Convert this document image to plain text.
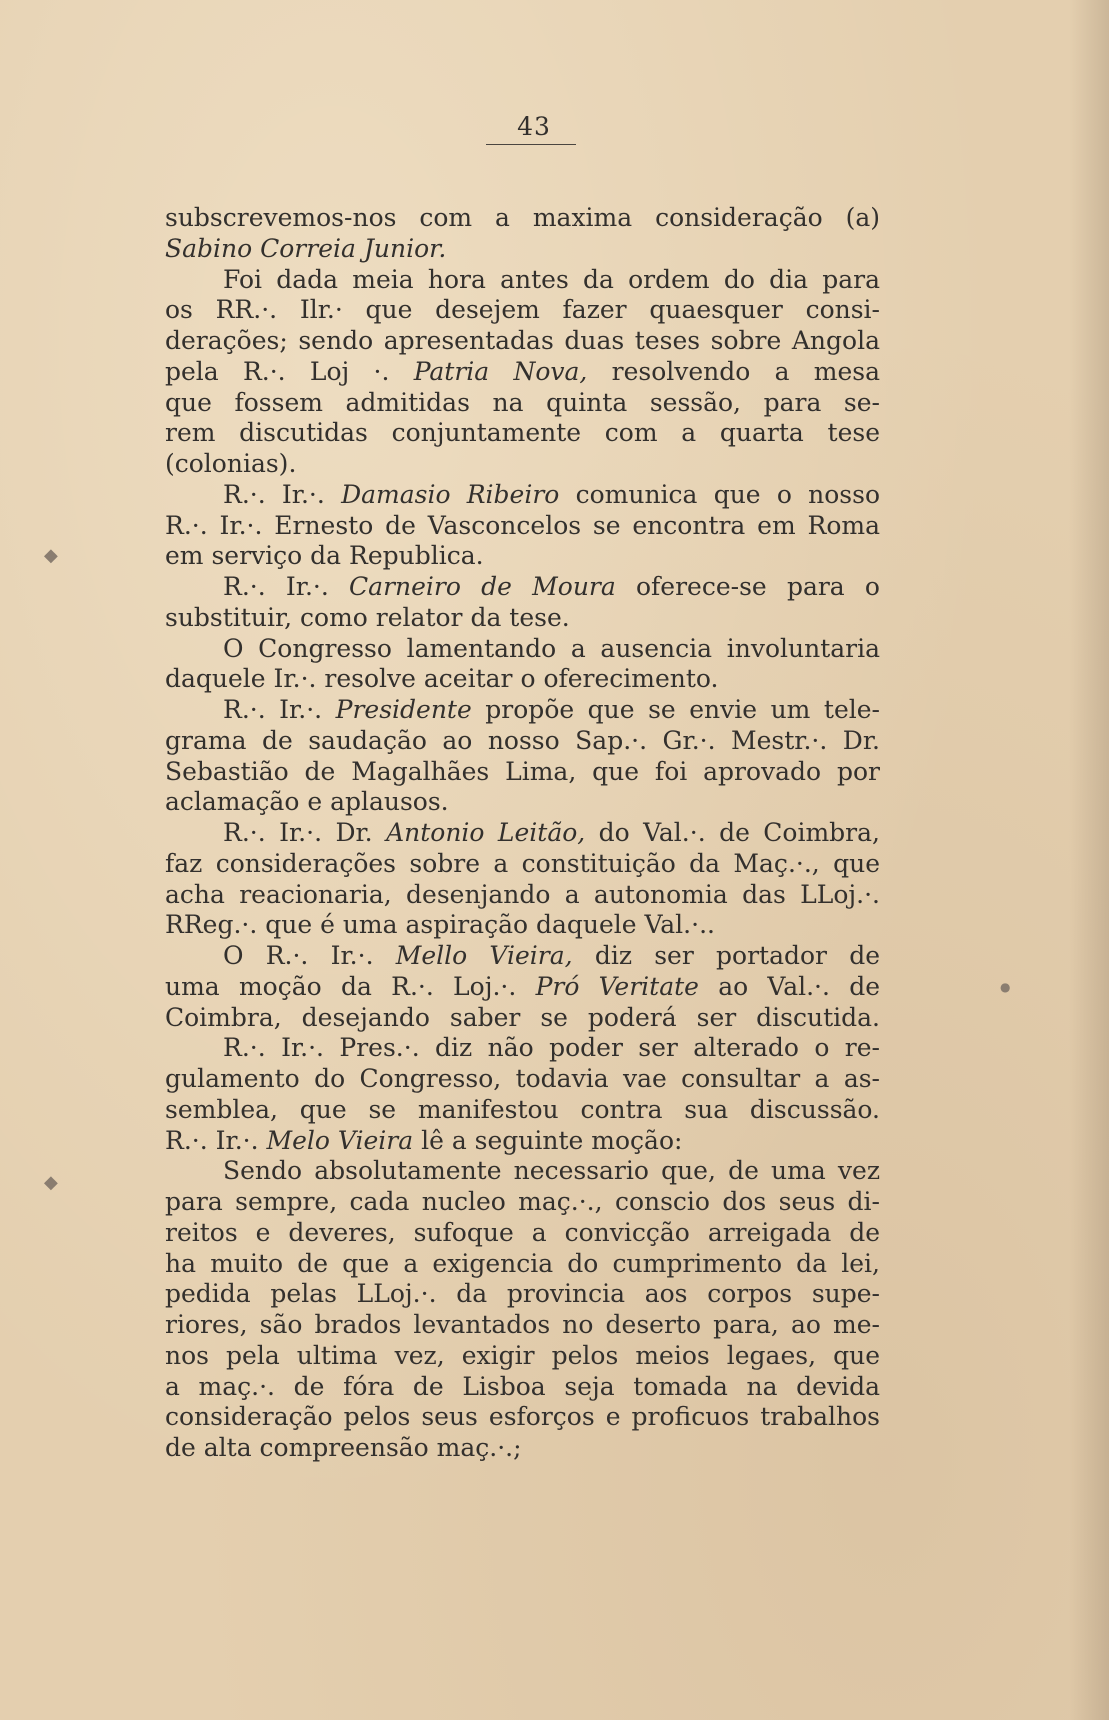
43
subscrevemos-nos com a maxima consideração (a)
Sabino Correia Junior.
Foi dada meia hora antes da ordem do dia para
os RR.·. Ilr.· que desejem fazer quaesquer consi-
derações; sendo apresentadas duas teses sobre Angola
pela R.·. Loj ·. Patria Nova, resolvendo a mesa
que fossem admitidas na quinta sessão, para se-
rem discutidas conjuntamente com a quarta tese
(colonias).
R.·. Ir.·. Damasio Ribeiro comunica que o nosso
R.·. Ir.·. Ernesto de Vasconcelos se encontra em Roma
em serviço da Republica.
R.·. Ir.·. Carneiro de Moura oferece-se para o
substituir, como relator da tese.
O Congresso lamentando a ausencia involuntaria
daquele Ir.·. resolve aceitar o oferecimento.
R.·. Ir.·. Presidente propõe que se envie um tele-
grama de saudação ao nosso Sap.·. Gr.·. Mestr.·. Dr.
Sebastião de Magalhães Lima, que foi aprovado por
aclamação e aplausos.
R.·. Ir.·. Dr. Antonio Leitão, do Val.·. de Coimbra,
faz considerações sobre a constituição da Maç.·., que
acha reacionaria, desenjando a autonomia das LLoj.·.
RReg.·. que é uma aspiração daquele Val.·..
O R.·. Ir.·. Mello Vieira, diz ser portador de
uma moção da R.·. Loj.·. Pró Veritate ao Val.·. de
Coimbra, desejando saber se poderá ser discutida.
R.·. Ir.·. Pres.·. diz não poder ser alterado o re-
gulamento do Congresso, todavia vae consultar a as-
semblea, que se manifestou contra sua discussão.
R.·. Ir.·. Melo Vieira lê a seguinte moção:
Sendo absolutamente necessario que, de uma vez
para sempre, cada nucleo maç.·., conscio dos seus di-
reitos e deveres, sufoque a convicção arreigada de
ha muito de que a exigencia do cumprimento da lei,
pedida pelas LLoj.·. da provincia aos corpos supe-
riores, são brados levantados no deserto para, ao me-
nos pela ultima vez, exigir pelos meios legaes, que
a maç.·. de fóra de Lisboa seja tomada na devida
consideração pelos seus esforços e proficuos trabalhos
de alta compreensão maç.·.;
◆
◆
●
